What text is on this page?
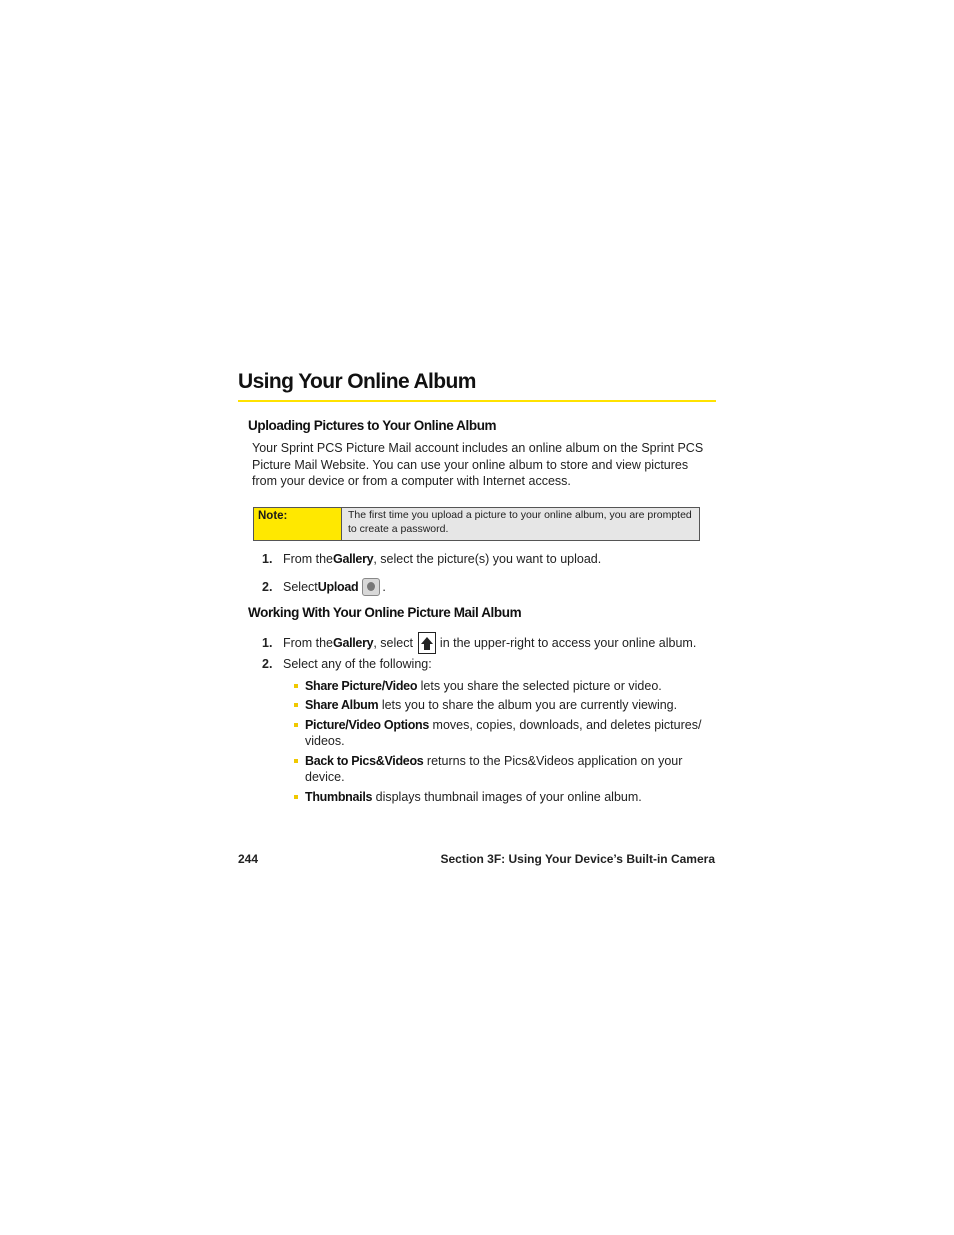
Using Your Online Album
Uploading Pictures to Your Online Album
Your Sprint PCS Picture Mail account includes an online album on the Sprint PCS Picture Mail Website. You can use your online album to store and view pictures from your device or from a computer with Internet access.
Note:	The first time you upload a picture to your online album, you are prompted to create a password.
1. From the Gallery , select the picture(s) you want to upload.
2. Select Upload .
Working With Your Online Picture Mail Album
1. From the Gallery , select in the upper-right to access your online album.
2. Select any of the following:
Share Picture/Video lets you share the selected picture or video.
Share Album lets you to share the album you are currently viewing.
Picture/Video Options moves, copies, downloads, and deletes pictures/ videos.
Back to Pics&Videos returns to the Pics&Videos application on your device.
Thumbnails displays thumbnail images of your online album.
244	Section 3F: Using Your Device’s Built-in Camera
